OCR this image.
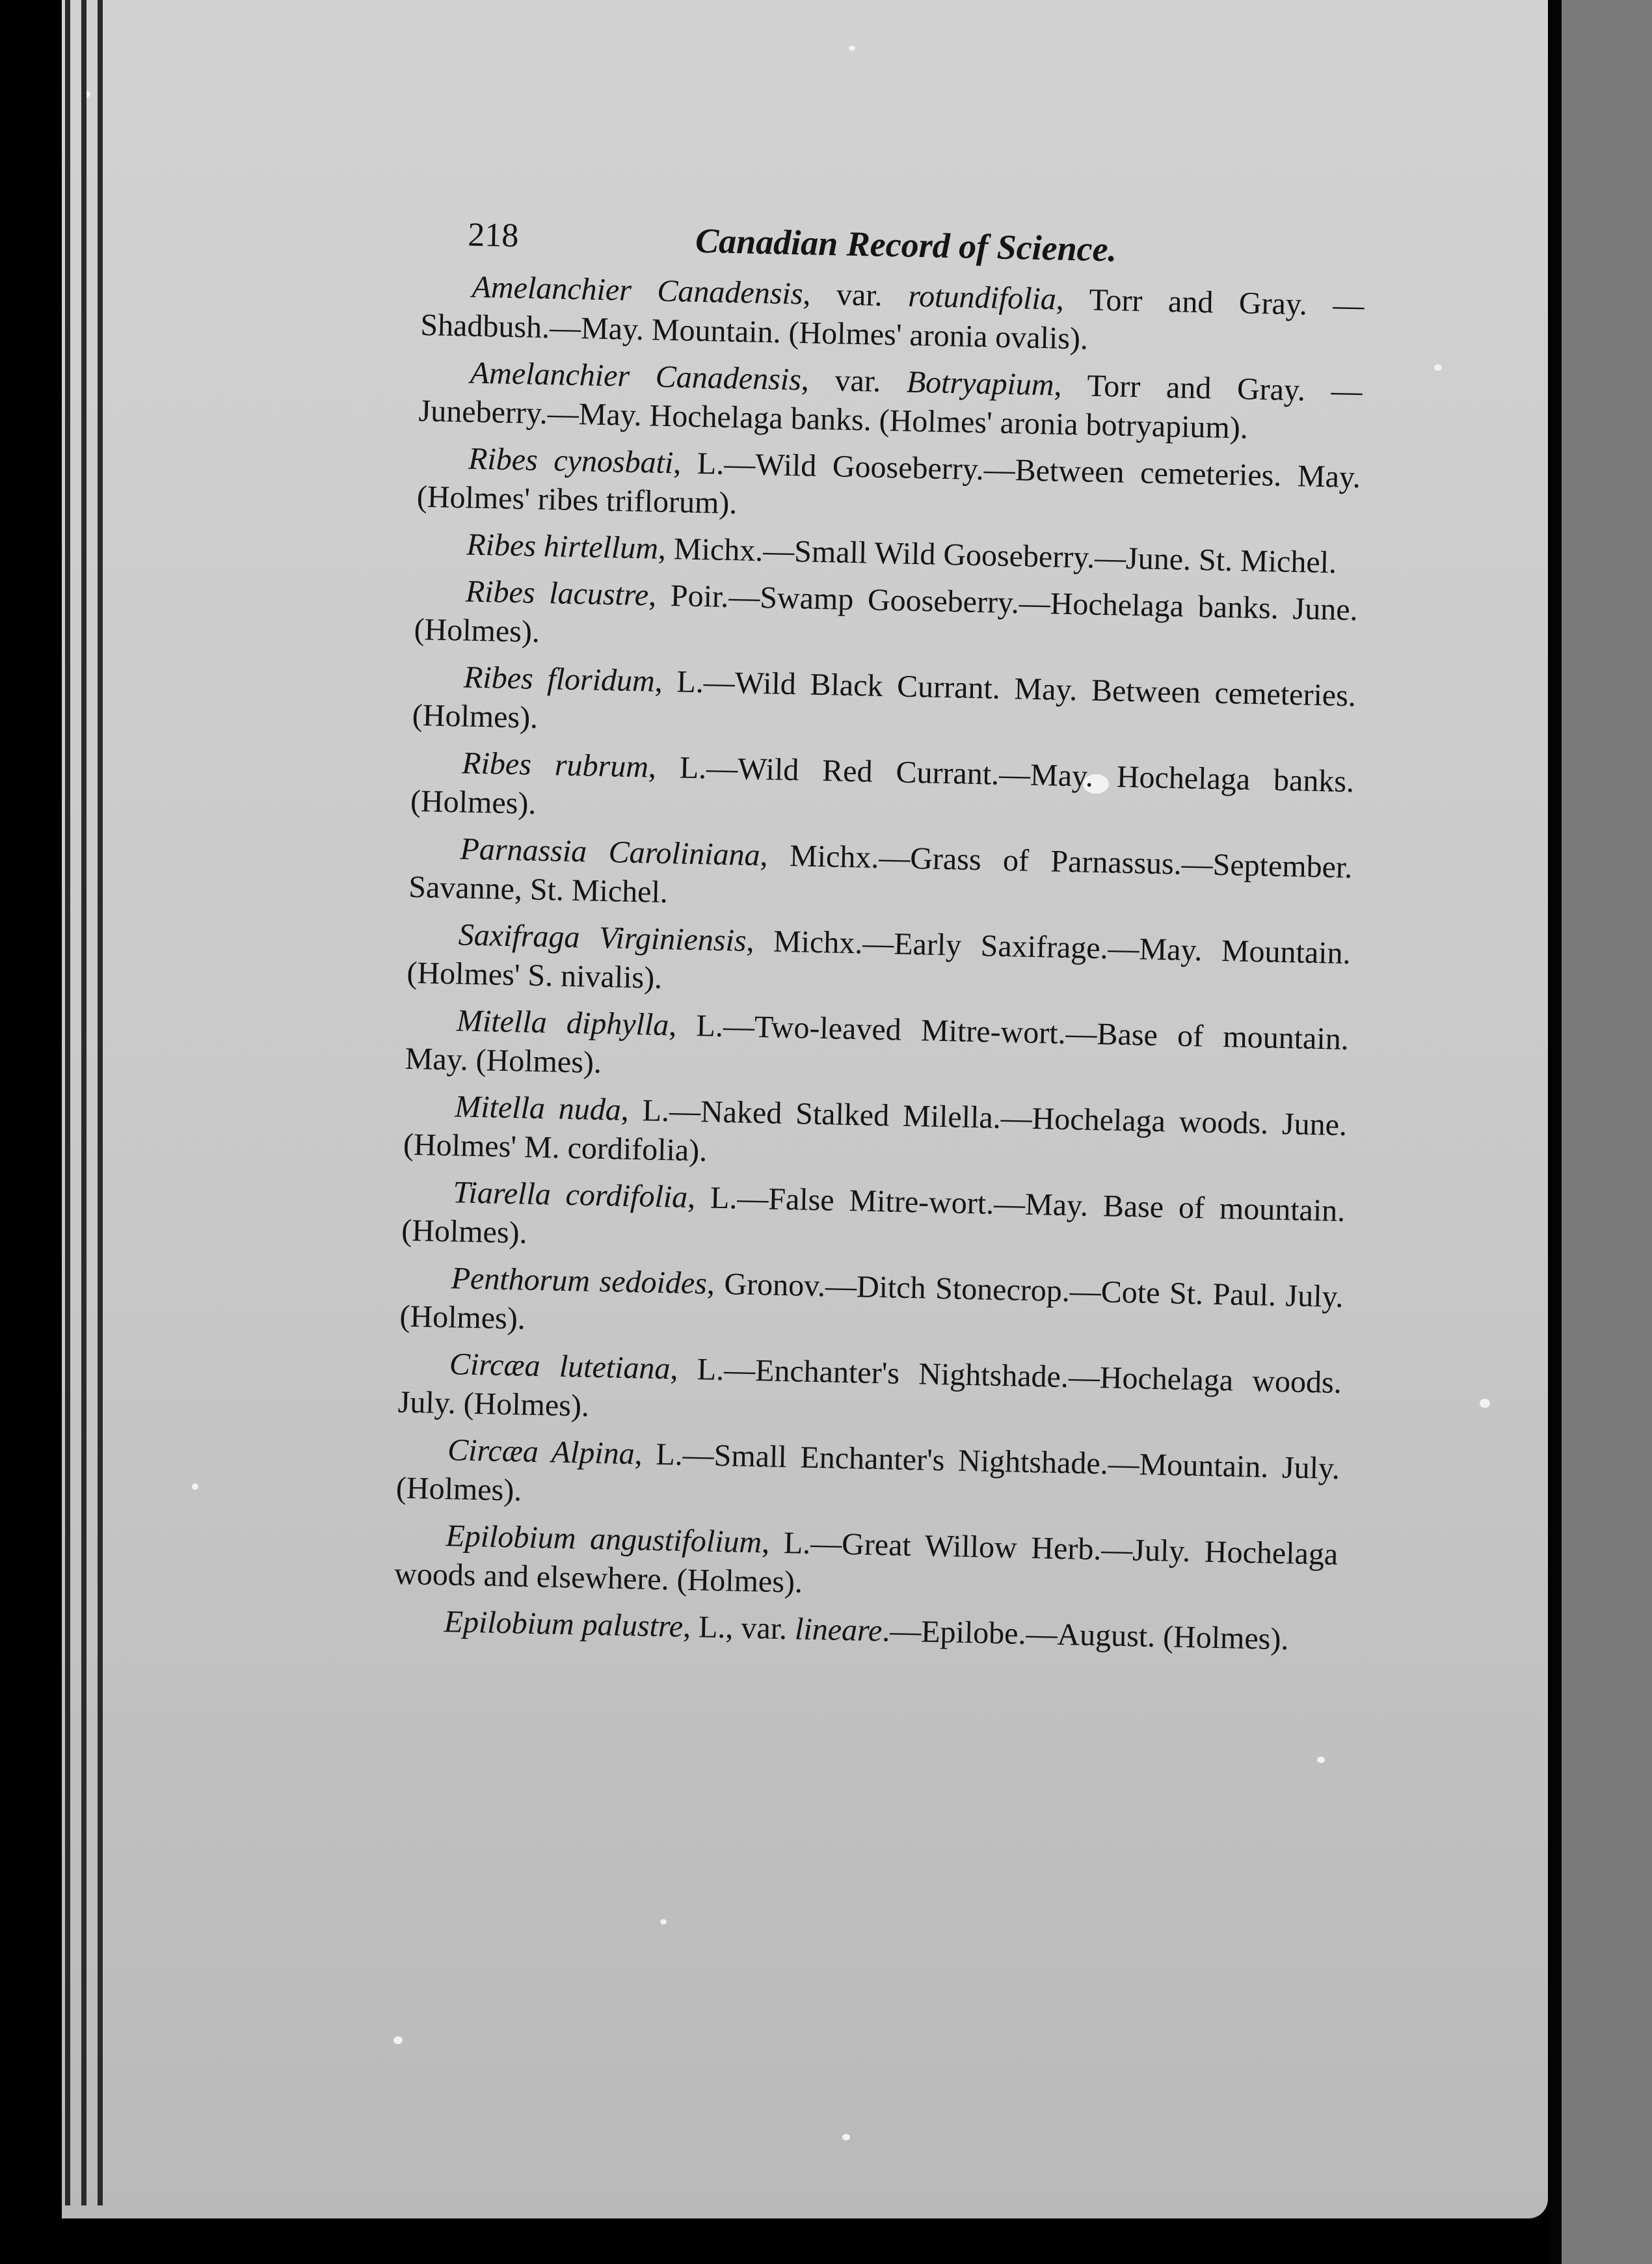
218	Canadian Record of Science.

Amelanchier Canadensis, var. rotundifolia, Torr and Gray. —Shadbush.—May. Mountain. (Holmes' aronia ovalis).

Amelanchier Canadensis, var. Botryapium, Torr and Gray. —Juneberry.—May. Hochelaga banks. (Holmes' aronia botryapium).

Ribes cynosbati, L.—Wild Gooseberry.—Between cemeteries. May. (Holmes' ribes triflorum).

Ribes hirtellum, Michx.—Small Wild Gooseberry.—June. St. Michel.

Ribes lacustre, Poir.—Swamp Gooseberry.—Hochelaga banks. June. (Holmes).

Ribes floridum, L.—Wild Black Currant. May. Between cemeteries. (Holmes).

Ribes rubrum, L.—Wild Red Currant.—May. Hochelaga banks. (Holmes).

Parnassia Caroliniana, Michx.—Grass of Parnassus.—September. Savanne, St. Michel.

Saxifraga Virginiensis, Michx.—Early Saxifrage.—May. Mountain. (Holmes' S. nivalis).

Mitella diphylla, L.—Two-leaved Mitre-wort.—Base of mountain. May. (Holmes).

Mitella nuda, L.—Naked Stalked Milella.—Hochelaga woods. June. (Holmes' M. cordifolia).

Tiarella cordifolia, L.—False Mitre-wort.—May. Base of mountain. (Holmes).

Penthorum sedoides, Gronov.—Ditch Stonecrop.—Cote St. Paul. July. (Holmes).

Circæa lutetiana, L.—Enchanter's Nightshade.—Hochelaga woods. July. (Holmes).

Circæa Alpina, L.—Small Enchanter's Nightshade.—Mountain. July. (Holmes).

Epilobium angustifolium, L.—Great Willow Herb.—July. Hochelaga woods and elsewhere. (Holmes).

Epilobium palustre, L., var. lineare.—Epilobe.—August. (Holmes).
